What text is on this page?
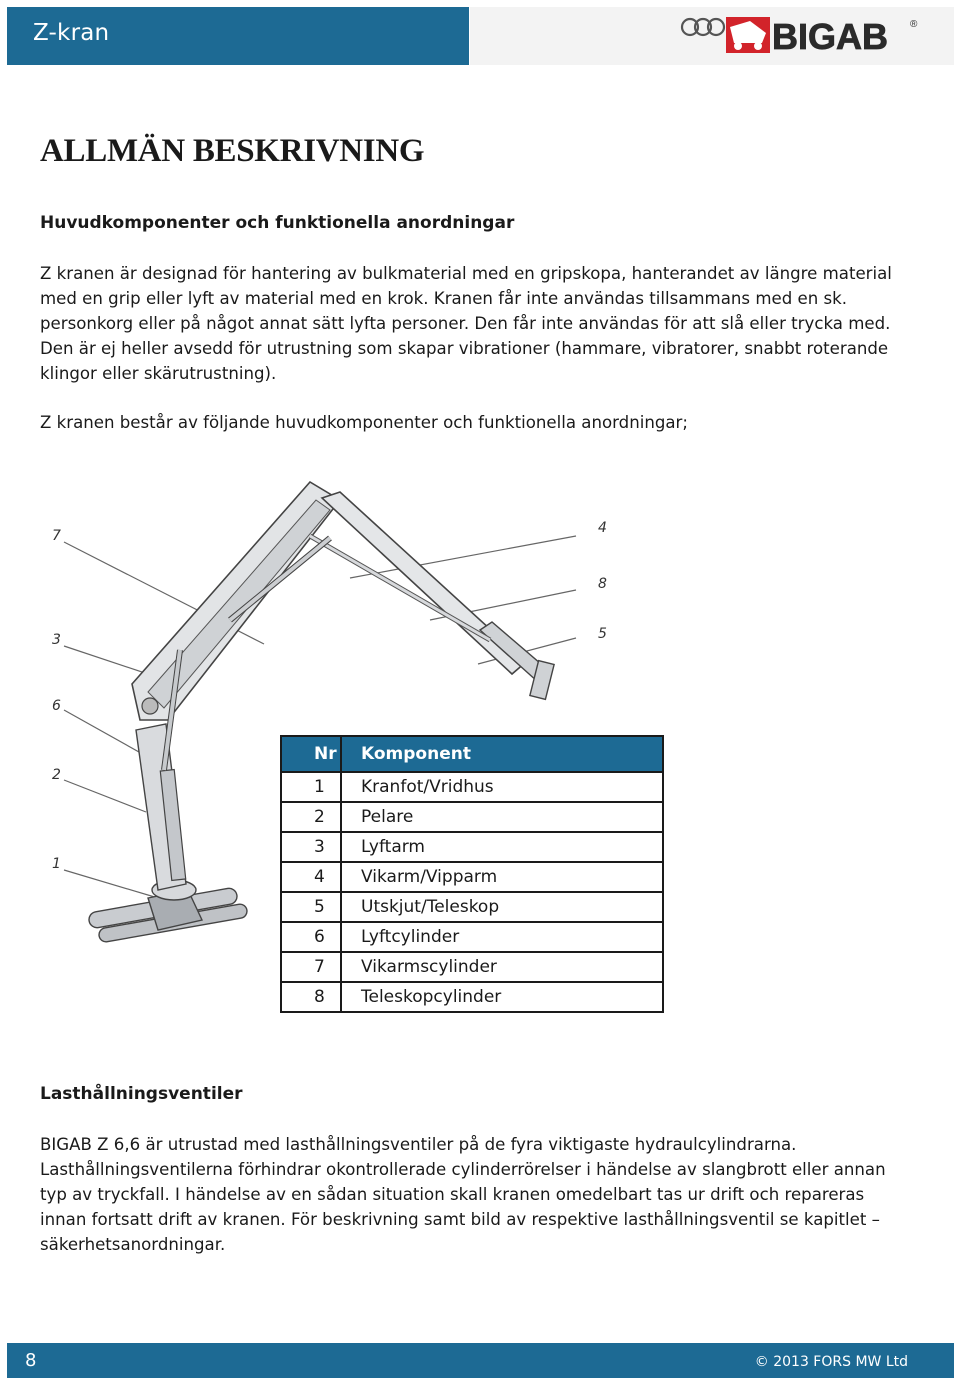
Z-kran	BIGAB ®
ALLMÄN BESKRIVNING
Huvudkomponenter och funktionella anordningar
Z kranen är designad för hantering av bulkmaterial med en gripskopa, hanterandet av längre material
med en grip eller lyft av material med en krok. Kranen får inte användas tillsammans med en sk.
personkorg eller på något annat sätt lyfta personer. Den får inte användas för att slå eller trycka med.
Den är ej heller avsedd för utrustning som skapar vibrationer (hammare, vibratorer, snabbt roterande
klingor eller skärutrustning).
Z kranen består av följande huvudkomponenter och funktionella anordningar;
7
3
6
2
1
4
8
5
Nr	Komponent
1	Kranfot/Vridhus
2	Pelare
3	Lyftarm
4	Vikarm/Vipparm
5	Utskjut/Teleskop
6	Lyftcylinder
7	Vikarmscylinder
8	Teleskopcylinder
Lasthållningsventiler
BIGAB Z 6,6 är utrustad med lasthållningsventiler på de fyra viktigaste hydraulcylindrarna.
Lasthållningsventilerna förhindrar okontrollerade cylinderrörelser i händelse av slangbrott eller annan
typ av tryckfall. I händelse av en sådan situation skall kranen omedelbart tas ur drift och repareras
innan fortsatt drift av kranen. För beskrivning samt bild av respektive lasthållningsventil se kapitlet –
säkerhetsanordningar.
8	© 2013 FORS MW Ltd
